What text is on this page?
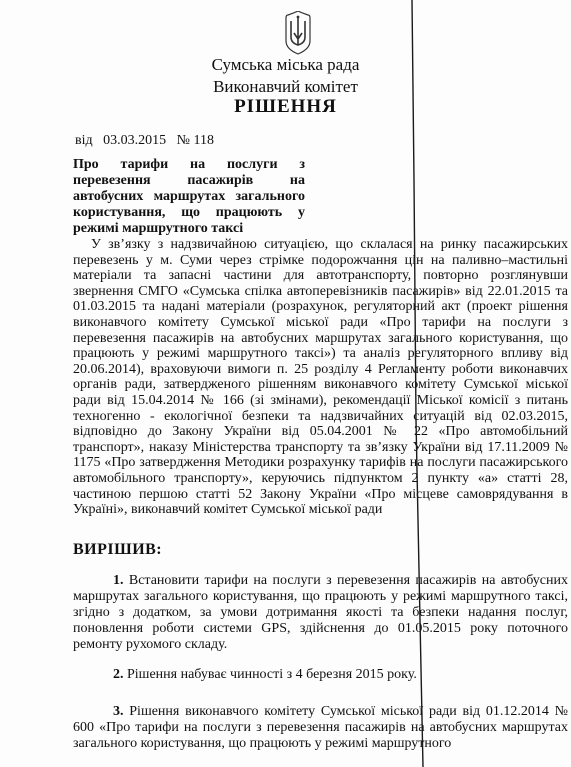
Сумська міська рада
Виконавчий комітет
РІШЕННЯ
від   03.03.2015   № 118
Про тарифи на послуги з перевезення пасажирів на автобусних маршрутах загального користування, що працюють у режимі маршрутного таксі

У зв’язку з надзвичайною ситуацією, що склалася на ринку пасажирських перевезень у м. Суми через стрімке подорожчання цін на паливно–мастильні матеріали та запасні частини для автотранспорту, повторно розглянувши звернення СМГО «Сумська спілка автоперевізників пасажирів» від 22.01.2015 та 01.03.2015 та надані матеріали (розрахунок, регуляторний акт (проект рішення виконавчого комітету Сумської міської ради «Про тарифи на послуги з перевезення пасажирів на автобусних маршрутах загального користування, що працюють у режимі маршрутного таксі») та аналіз регуляторного впливу від 20.06.2014), враховуючи вимоги п. 25 розділу 4 Регламенту роботи виконавчих органів ради, затвердженого рішенням виконавчого комітету Сумської міської ради від 15.04.2014 № 166 (зі змінами), рекомендації Міської комісії з питань техногенно - екологічної безпеки та надзвичайних ситуацій від 02.03.2015, відповідно до Закону України від 05.04.2001 № 22 «Про автомобільний транспорт», наказу Міністерства транспорту та зв’язку України від 17.11.2009 № 1175 «Про затвердження Методики розрахунку тарифів на послуги пасажирського автомобільного транспорту», керуючись підпунктом 2 пункту «а» статті 28, частиною першою статті 52 Закону України «Про місцеве самоврядування в Україні», виконавчий комітет Сумської міської ради

ВИРІШИВ:
1. Встановити тарифи на послуги з перевезення пасажирів на автобусних маршрутах загального користування, що працюють у режимі маршрутного таксі, згідно з додатком, за умови дотримання якості та безпеки надання послуг, поновлення роботи системи GPS, здійснення до 01.05.2015 року поточного ремонту рухомого складу.
2. Рішення набуває чинності з 4 березня 2015 року.
3. Рішення виконавчого комітету Сумської міської ради від 01.12.2014 № 600 «Про тарифи на послуги з перевезення пасажирів на автобусних маршрутах загального користування, що працюють у режимі маршрутного
